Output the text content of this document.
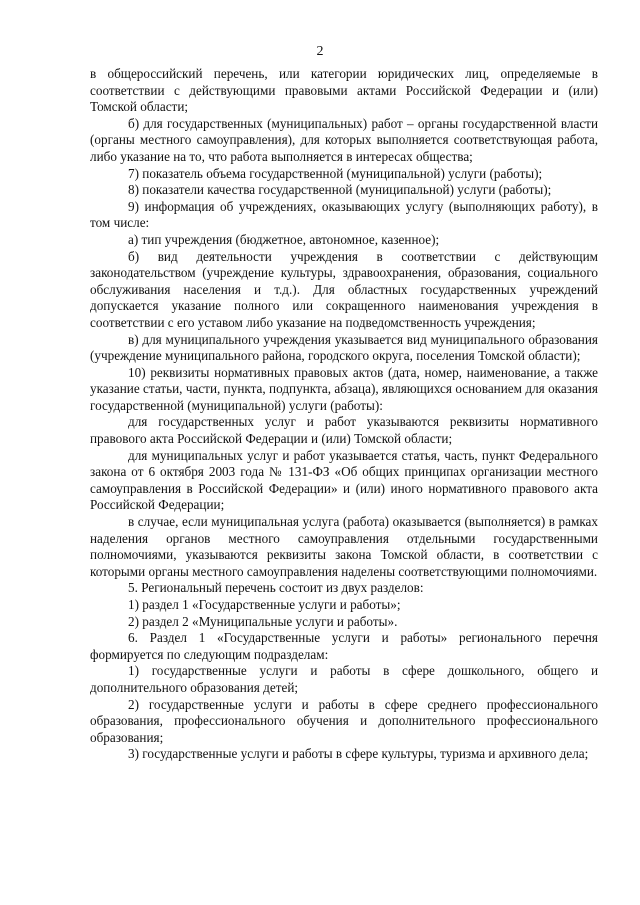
2

в общероссийский перечень, или категории юридических лиц, определяемые в соответствии с действующими правовыми актами Российской Федерации и (или) Томской области;

б) для государственных (муниципальных) работ – органы государственной власти (органы местного самоуправления), для которых выполняется соответствующая работа, либо указание на то, что работа выполняется в интересах общества;

7) показатель объема государственной (муниципальной) услуги (работы);

8) показатели качества государственной (муниципальной) услуги (работы);

9) информация об учреждениях, оказывающих услугу (выполняющих работу), в том числе:

а) тип учреждения (бюджетное, автономное, казенное);

б) вид деятельности учреждения в соответствии с действующим законодательством (учреждение культуры, здравоохранения, образования, социального обслуживания населения и т.д.). Для областных государственных учреждений допускается указание полного или сокращенного наименования учреждения в соответствии с его уставом либо указание на подведомственность учреждения;

в) для муниципального учреждения указывается вид муниципального образования (учреждение муниципального района, городского округа, поселения Томской области);

10) реквизиты нормативных правовых актов (дата, номер, наименование, а также указание статьи, части, пункта, подпункта, абзаца), являющихся основанием для оказания государственной (муниципальной) услуги (работы):

для государственных услуг и работ указываются реквизиты нормативного правового акта Российской Федерации и (или) Томской области;

для муниципальных услуг и работ указывается статья, часть, пункт Федерального закона от 6 октября 2003 года № 131-ФЗ «Об общих принципах организации местного самоуправления в Российской Федерации» и (или) иного нормативного правового акта Российской Федерации;

в случае, если муниципальная услуга (работа) оказывается (выполняется) в рамках наделения органов местного самоуправления отдельными государственными полномочиями, указываются реквизиты закона Томской области, в соответствии с которыми органы местного самоуправления наделены соответствующими полномочиями.

5. Региональный перечень состоит из двух разделов:

1) раздел 1 «Государственные услуги и работы»;

2) раздел 2 «Муниципальные услуги и работы».

6. Раздел 1 «Государственные услуги и работы» регионального перечня формируется по следующим подразделам:

1) государственные услуги и работы в сфере дошкольного, общего и дополнительного образования детей;

2) государственные услуги и работы в сфере среднего профессионального образования, профессионального обучения и дополнительного профессионального образования;

3) государственные услуги и работы в сфере культуры, туризма и архивного дела;
